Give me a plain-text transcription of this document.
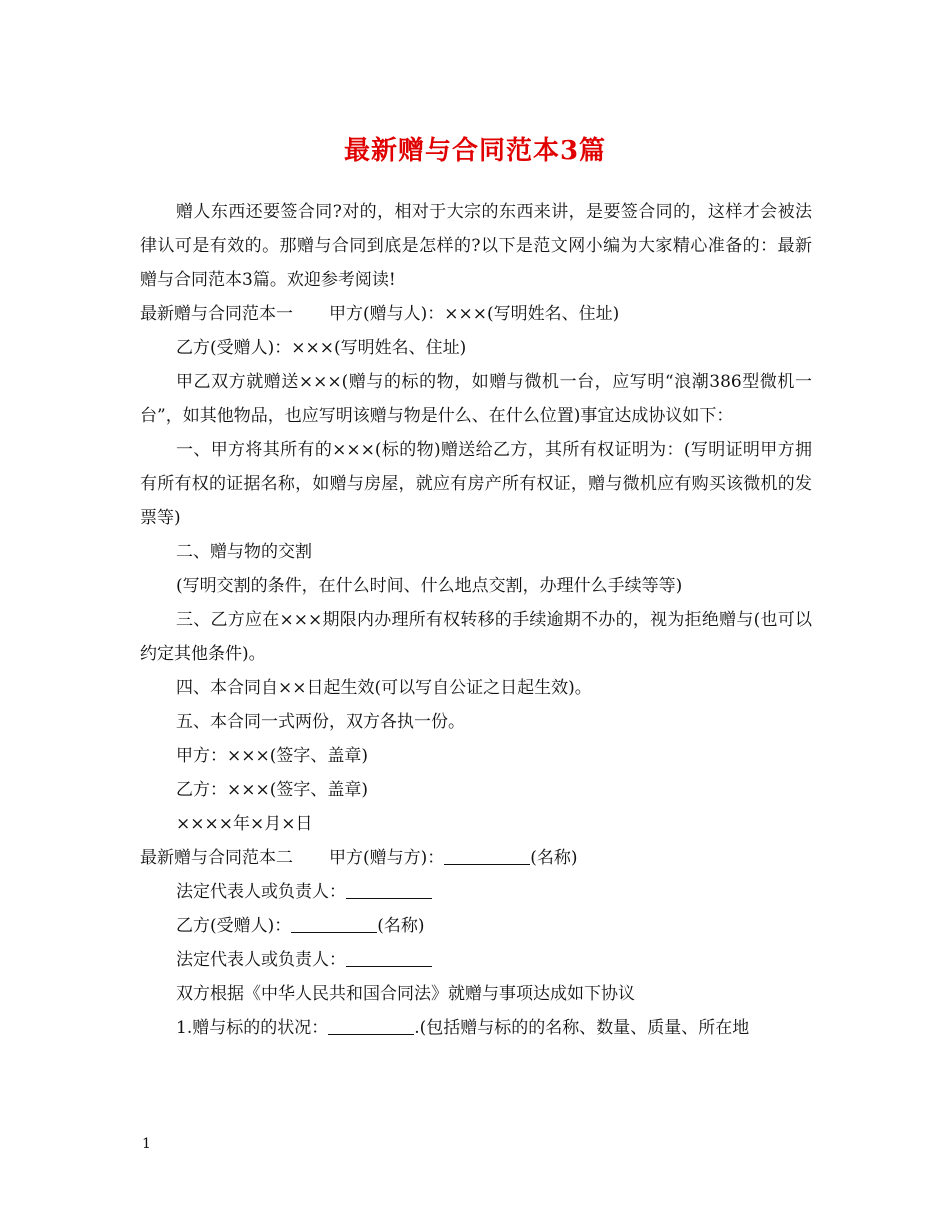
最新赠与合同范本3篇

赠人东西还要签合同?对的，相对于大宗的东西来讲，是要签合同的，这样才会被法律认可是有效的。那赠与合同到底是怎样的?以下是范文网小编为大家精心准备的：最新赠与合同范本3篇。欢迎参考阅读!

最新赠与合同范本一 甲方(赠与人)：×××(写明姓名、住址)

乙方(受赠人)：×××(写明姓名、住址)

甲乙双方就赠送×××(赠与的标的物，如赠与微机一台，应写明“浪潮386型微机一台”，如其他物品，也应写明该赠与物是什么、在什么位置)事宜达成协议如下：

一、甲方将其所有的×××(标的物)赠送给乙方，其所有权证明为：(写明证明甲方拥有所有权的证据名称，如赠与房屋，就应有房产所有权证，赠与微机应有购买该微机的发票等)

二、赠与物的交割

(写明交割的条件，在什么时间、什么地点交割，办理什么手续等等)

三、乙方应在×××期限内办理所有权转移的手续逾期不办的，视为拒绝赠与(也可以约定其他条件)。

四、本合同自××日起生效(可以写自公证之日起生效)。

五、本合同一式两份，双方各执一份。

甲方：×××(签字、盖章)

乙方：×××(签字、盖章)

××××年×月×日

最新赠与合同范本二 甲方(赠与方)：	(名称)

法定代表人或负责人：

乙方(受赠人)：	(名称)

法定代表人或负责人：

双方根据《中华人民共和国合同法》就赠与事项达成如下协议

1.赠与标的的状况：	.(包括赠与标的的名称、数量、质量、所在地

1
